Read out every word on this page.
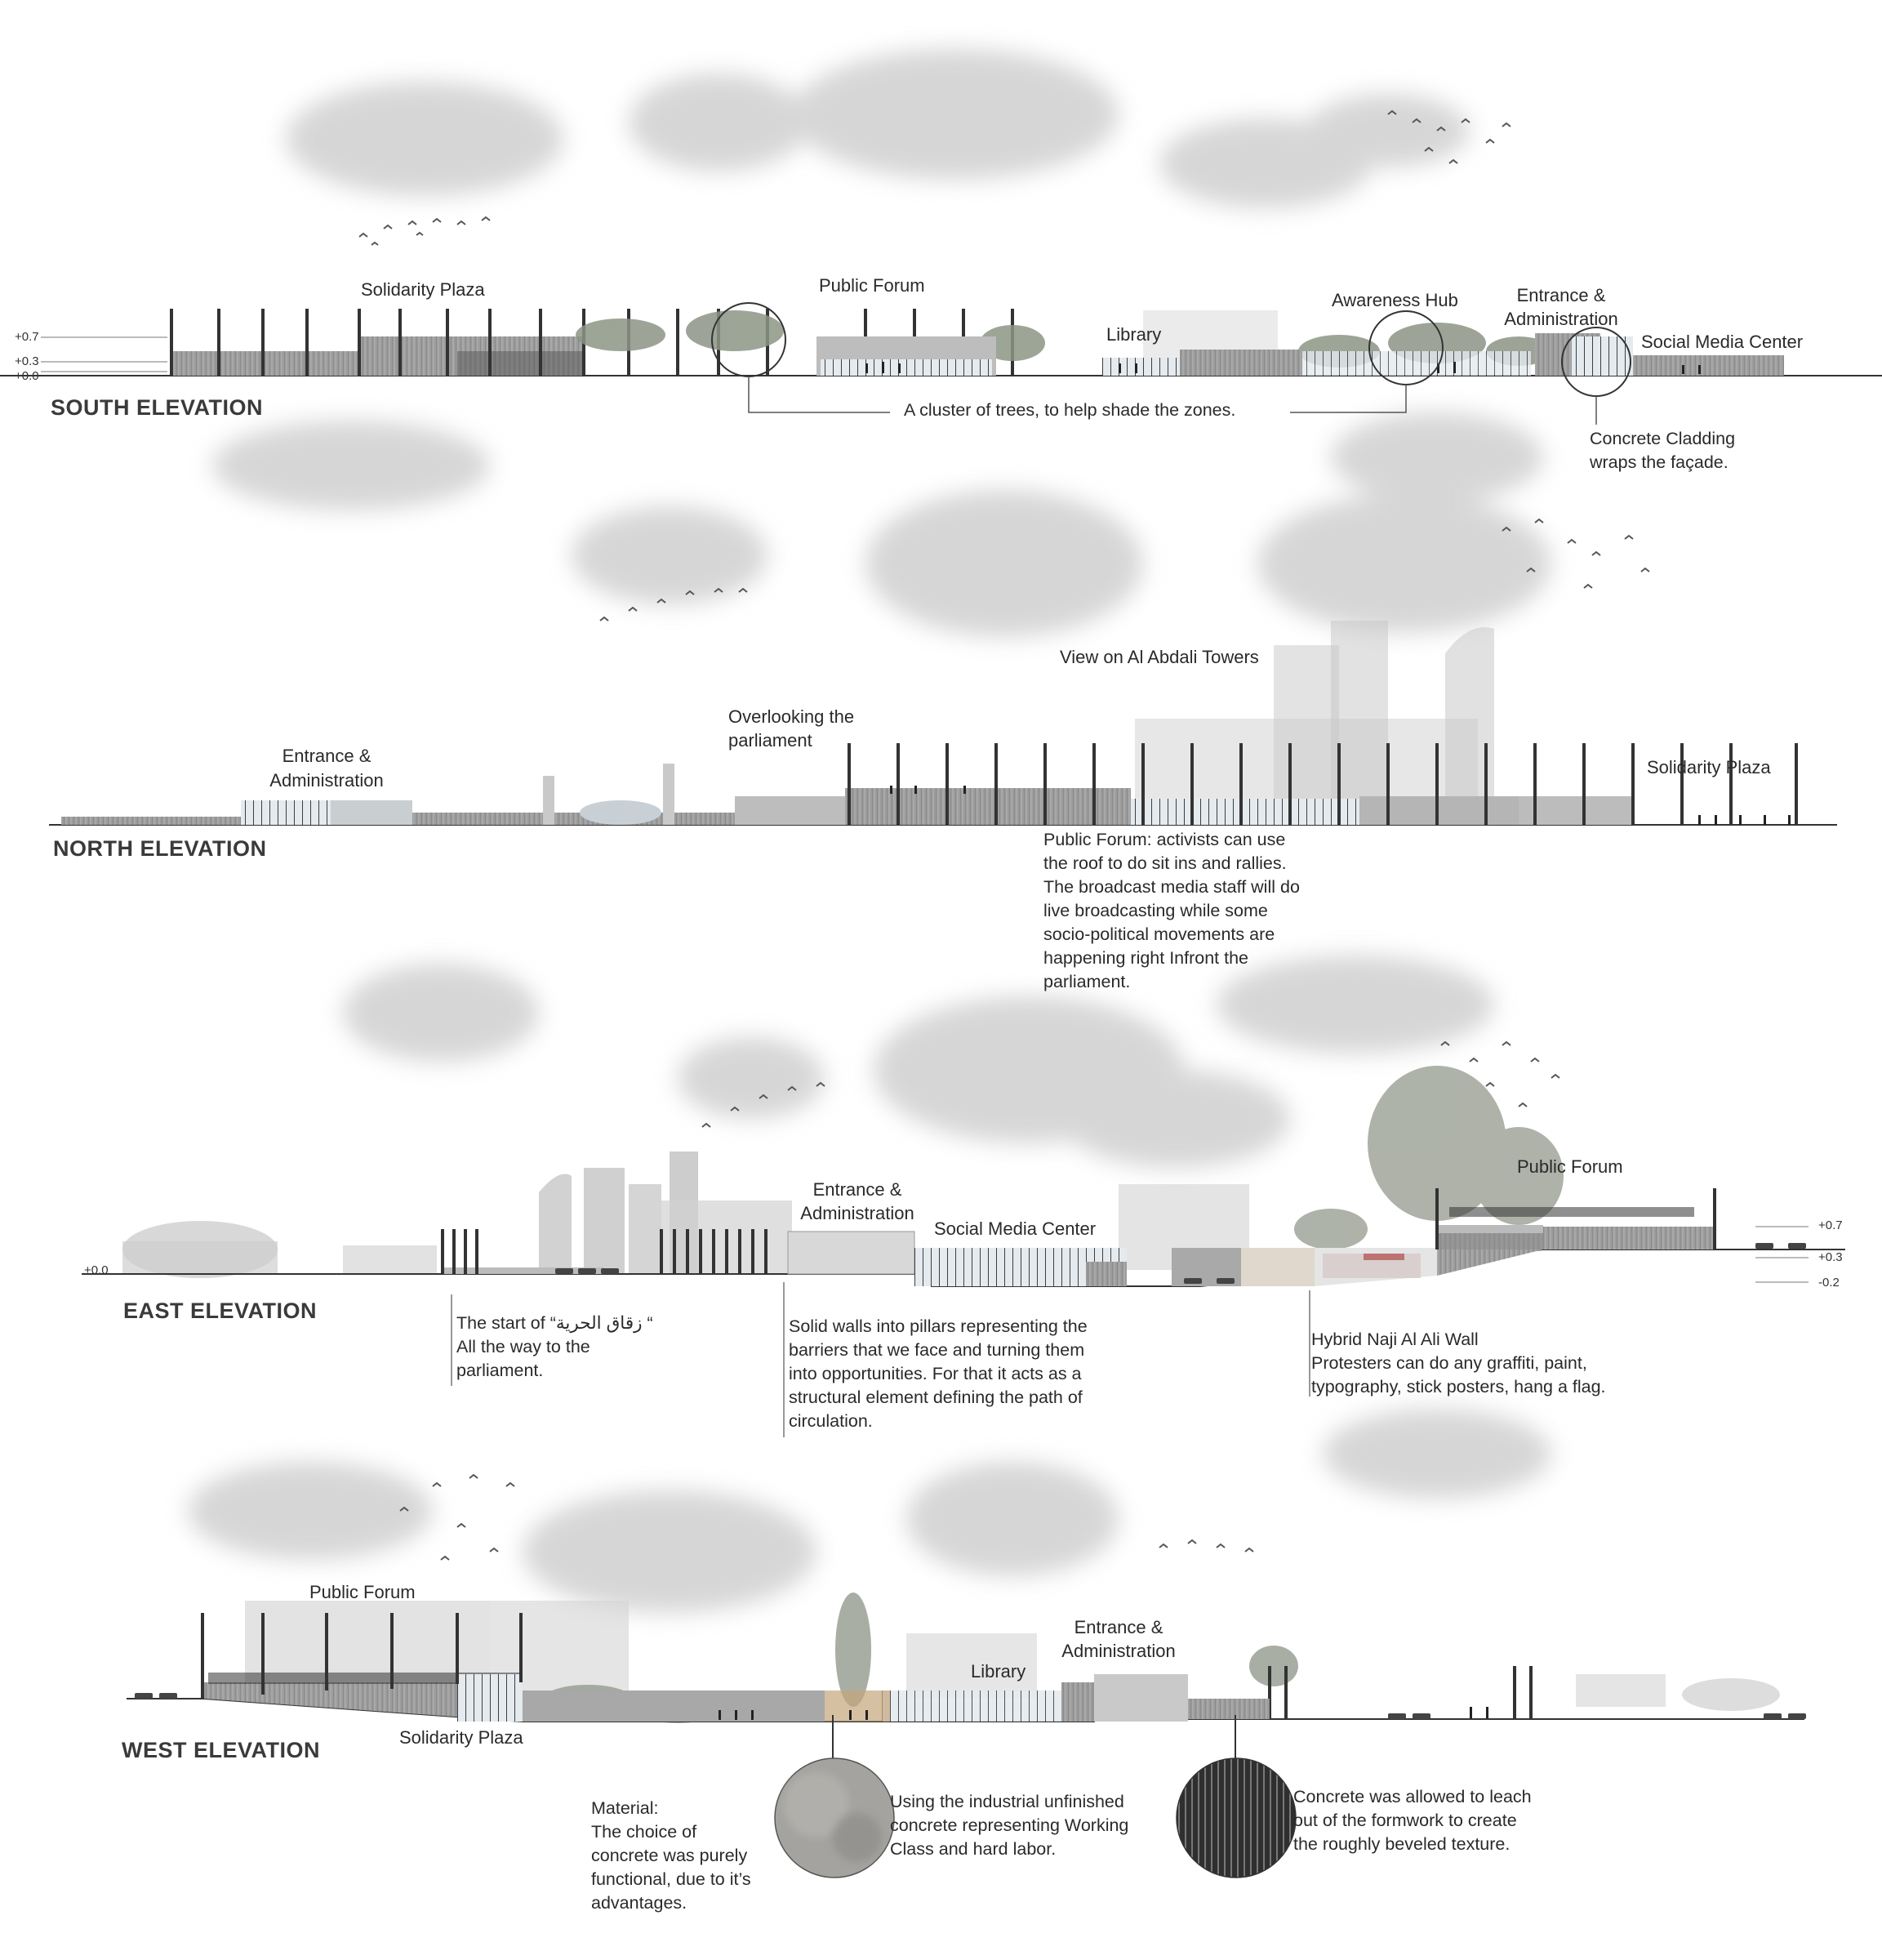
+0.7
+0.3
+0.0
SOUTH ELEVATION
Solidarity Plaza	Public Forum
Library
Awareness Hub	Entrance &
Administration
Social Media Center
A cluster of trees, to help shade the zones.
Concrete Cladding
wraps the façade.
View on Al Abdali Towers
Overlooking the
parliament
Entrance &
Administration
Solidarity Plaza
NORTH ELEVATION	Public Forum: activists can use
the roof to do sit ins and rallies.
The broadcast media staff will do
live broadcasting while some
socio-political movements are
happening right Infront the
parliament.
Entrance &
Administration
Social Media Center
Public Forum
+0.0
+0.7
+0.3
-0.2
EAST ELEVATION	The start of “زقاق الحرية “
All the way to the
parliament.
Solid walls into pillars representing the
barriers that we face and turning them
into opportunities. For that it acts as a
structural element defining the path of
circulation.
Hybrid Naji Al Ali Wall
Protesters can do any graffiti, paint,
typography, stick posters, hang a flag.
Public Forum
Entrance &
Administration
Library
Solidarity Plaza
WEST ELEVATION
Material:
The choice of
concrete was purely
functional, due to it’s
advantages.
Using the industrial unfinished
concrete representing Working
Class and hard labor.
Concrete was allowed to leach
out of the formwork to create
the roughly beveled texture.
